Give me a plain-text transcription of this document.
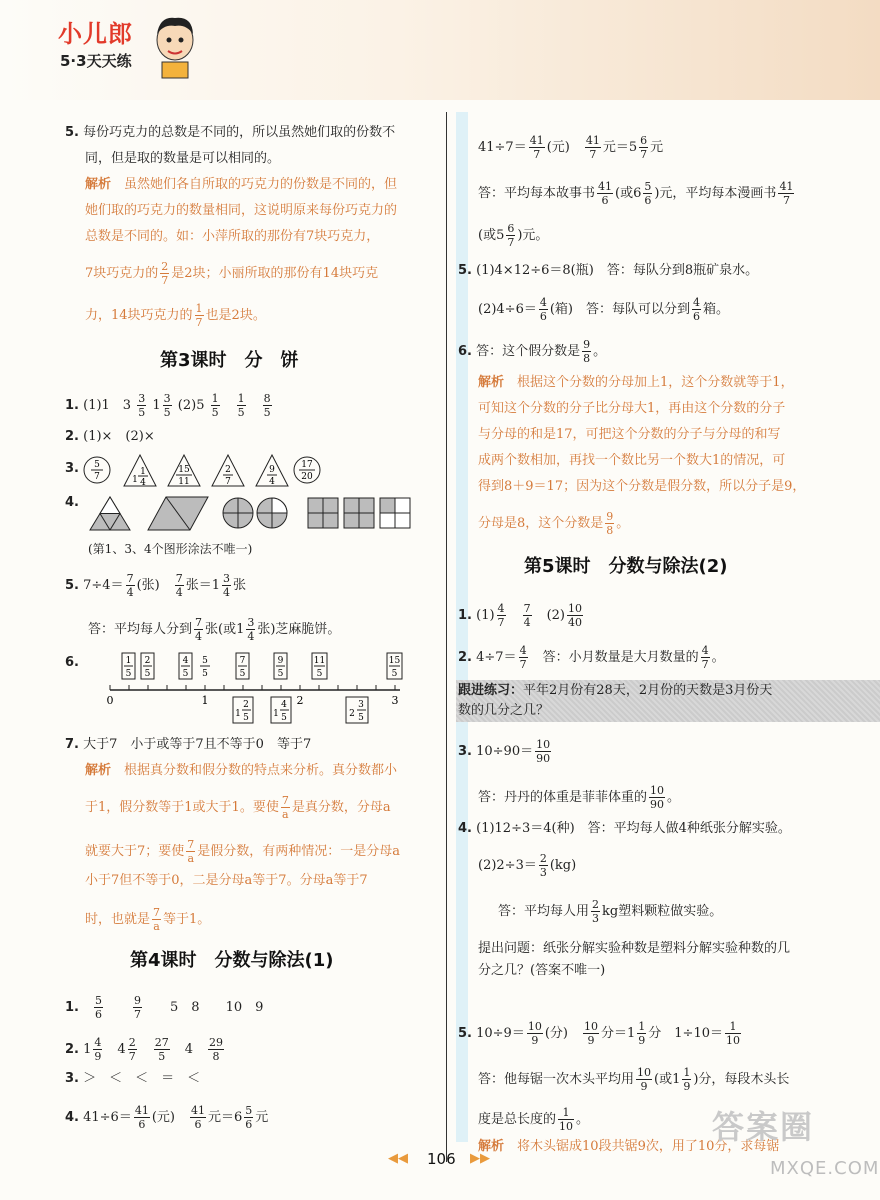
小儿郎
5·3天天练
5. 每份巧克力的总数是不同的，所以虽然她们取的份数不
同，但是取的数量是可以相同的。
解析　 虽然她们各自所取的巧克力的份数是不同的，但
她们取的巧克力的数量相同，这说明原来每份巧克力的
总数是不同的。如：小萍所取的那份有7块巧克力，
7块巧克力的 $\frac{2}{7}$ 是2块；小丽所取的那份有14块巧克
力，14块巧克力的 $\frac{1}{7}$ 也是2块。
第3课时　分　饼
1. (1)1　$3 \frac{3}{5} 1 \frac{3}{5} (2)5 \frac{1}{5}$
　 $\frac{1}{5}$
　 $\frac{8}{5}$
2. (1)×　(2)×
3. 5
7	1
1
4
15
11
2
7
9
4
17
20
4.
(第1、3、4个图形涂法不唯一)
5. $7\div 4= \frac{7}{4}$ (张)　 $\frac{7}{4}$ 张$=1 \frac{3}{4}$ 张
答：平均每人分到 $\frac{7}{4}$ 张(或$1 \frac{3}{4}$ 张)芝麻脆饼。
6.
0	1	2	3
1
5
2
5
4
5
5
5
7
5
9
5
11
5
15
5
1
2
5	1
4
5	2
3
5
7. 大于7　小于或等于7且不等于0　等于7
解析　 根据真分数和假分数的特点来分析。真分数都小
于1，假分数等于1或大于1。要使 $\frac{7}{a}$ 是真分数，分母a
就要大于7；要使 $\frac{7}{a}$ 是假分数，有两种情况：一是分母a
小于7但不等于0，二是分母a等于7。分母a等于7
时，也就是 $\frac{7}{a}$ 等于1。
第4课时　分数与除法(1)
1.　 $\frac{5}{6}$
　　	$\frac{9}{7}$
　　 5　8　　10　9
2. $1 \frac{4}{9}$
　 $4 \frac{2}{7}$
　 $\frac{27}{5}$
　 4　 $\frac{29}{8}$
3. ＞　＜　＜　＝　＜
4. $41\div 6= \frac{41}{6}$ (元)　 $\frac{41}{6}$ 元$=6 \frac{5}{6}$ 元
$41\div 7= \frac{41}{7}$ (元)　 $\frac{41}{7}$ 元$=5 \frac{6}{7}$ 元
答：平均每本故事书 $\frac{41}{6}$ (或$6 \frac{5}{6}$ )元，平均每本漫画书 $\frac{41}{7}$
(或$5 \frac{6}{7}$ )元。
5. (1)4×12÷6＝8(瓶)　答：每队分到8瓶矿泉水。
$(2)4\div 6= \frac{4}{6}$ (箱)　答：每队可以分到 $\frac{4}{6}$ 箱。
6. 答：这个假分数是 $\frac{9}{8}$ 。
解析　 根据这个分数的分母加上1，这个分数就等于1，
可知这个分数的分子比分母大1，再由这个分数的分子
与分母的和是17，可把这个分数的分子与分母的和写
成两个数相加，再找一个数比另一个数大1的情况，可
得到8＋9＝17；因为这个分数是假分数，所以分子是9，
分母是8，这个分数是 $\frac{9}{8}$ 。
第5课时　分数与除法(2)
1. $(1) \frac{4}{7}$
　 $\frac{7}{4}$
　 $(2) \frac{10}{40}$
2. $4\div 7= \frac{4}{7}$ 　答：小月数量是大月数量的 $\frac{4}{7}$ 。
跟进练习：平年2月份有28天，2月份的天数是3月份天
数的几分之几？
3. $10\div 90= \frac{10}{90}$
答：丹丹的体重是菲菲体重的 $\frac{10}{90}$ 。
4. (1)12÷3＝4(种)　答：平均每人做4种纸张分解实验。
$(2)2\div 3= \frac{2}{3} (kg)$
答：平均每人用 $\frac{2}{3}$ kg塑料颗粒做实验。
提出问题：纸张分解实验种数是塑料分解实验种数的几
分之几？(答案不唯一)
5. $10\div 9= \frac{10}{9}$ (分)　 $\frac{10}{9}$ 分$=1 \frac{1}{9}$ 分　$1\div 10= \frac{1}{10}$
答：他每锯一次木头平均用 $\frac{10}{9}$ (或$1 \frac{1}{9}$ )分，每段木头长
度是总长度的 $\frac{1}{10}$ 。
解析　 将木头锯成10段共锯9次，用了10分，求每锯
◀◀ 106 ▶▶
答案圈
MXQE.COM
